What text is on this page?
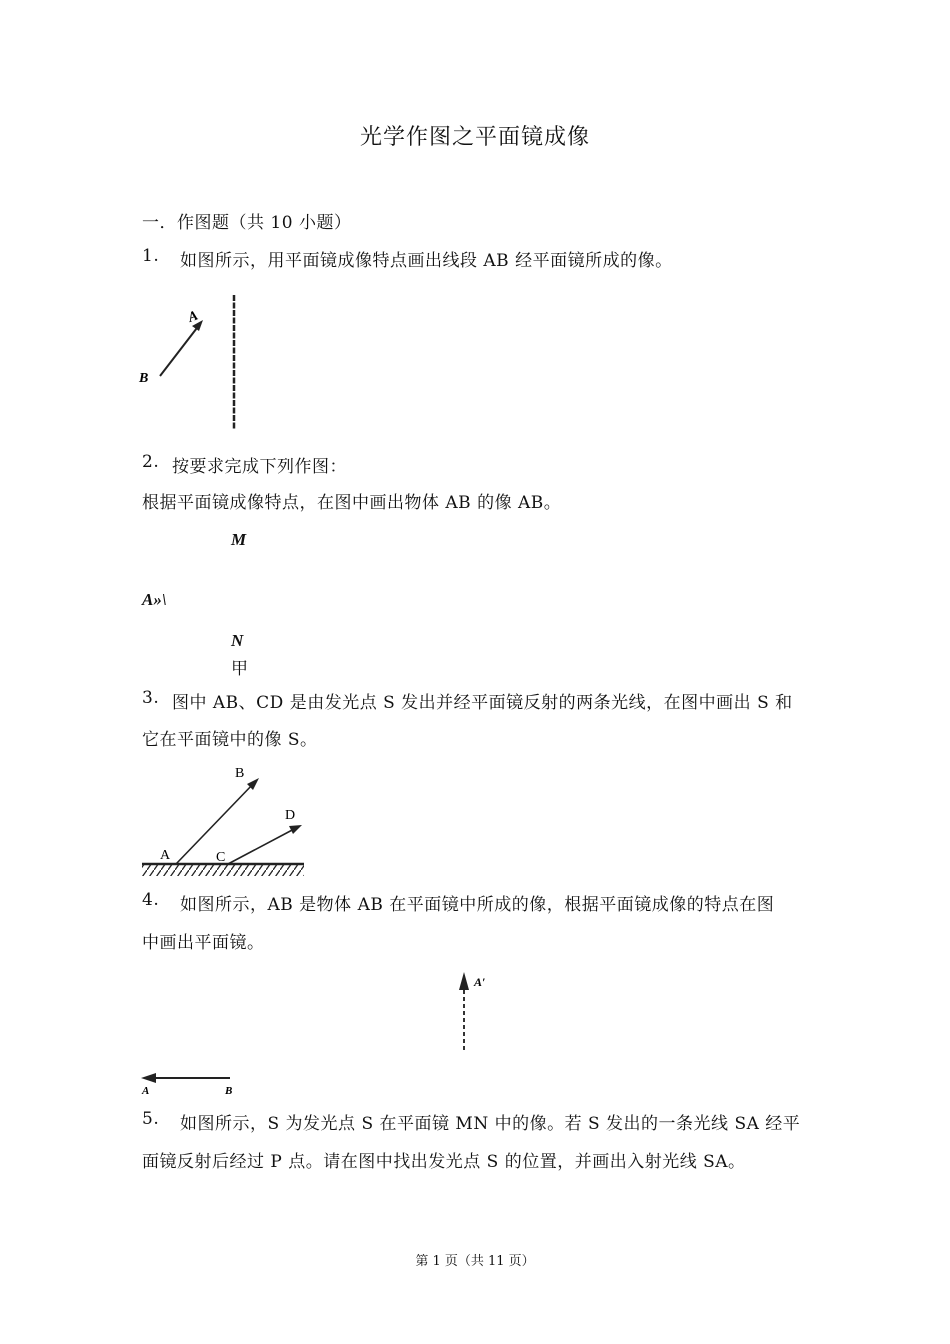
光学作图之平面镜成像
一．作图题（共 10 小题）
1. 如图所示，用平面镜成像特点画出线段 AB 经平面镜所成的像。
A
B
2. 按要求完成下列作图：
根据平面镜成像特点，在图中画出物体 AB 的像 AB。
M
A»\
N
甲
3. 图中 AB、CD 是由发光点 S 发出并经平面镜反射的两条光线，在图中画出 S 和
它在平面镜中的像 S。
A
B
C
D
4. 如图所示，AB 是物体 AB 在平面镜中所成的像，根据平面镜成像的特点在图
中画出平面镜。
A′
A	B
5. 如图所示，S 为发光点 S 在平面镜 MN 中的像。若 S 发出的一条光线 SA 经平
面镜反射后经过 P 点。请在图中找出发光点 S 的位置，并画出入射光线 SA。
第 1 页（共 11 页）
